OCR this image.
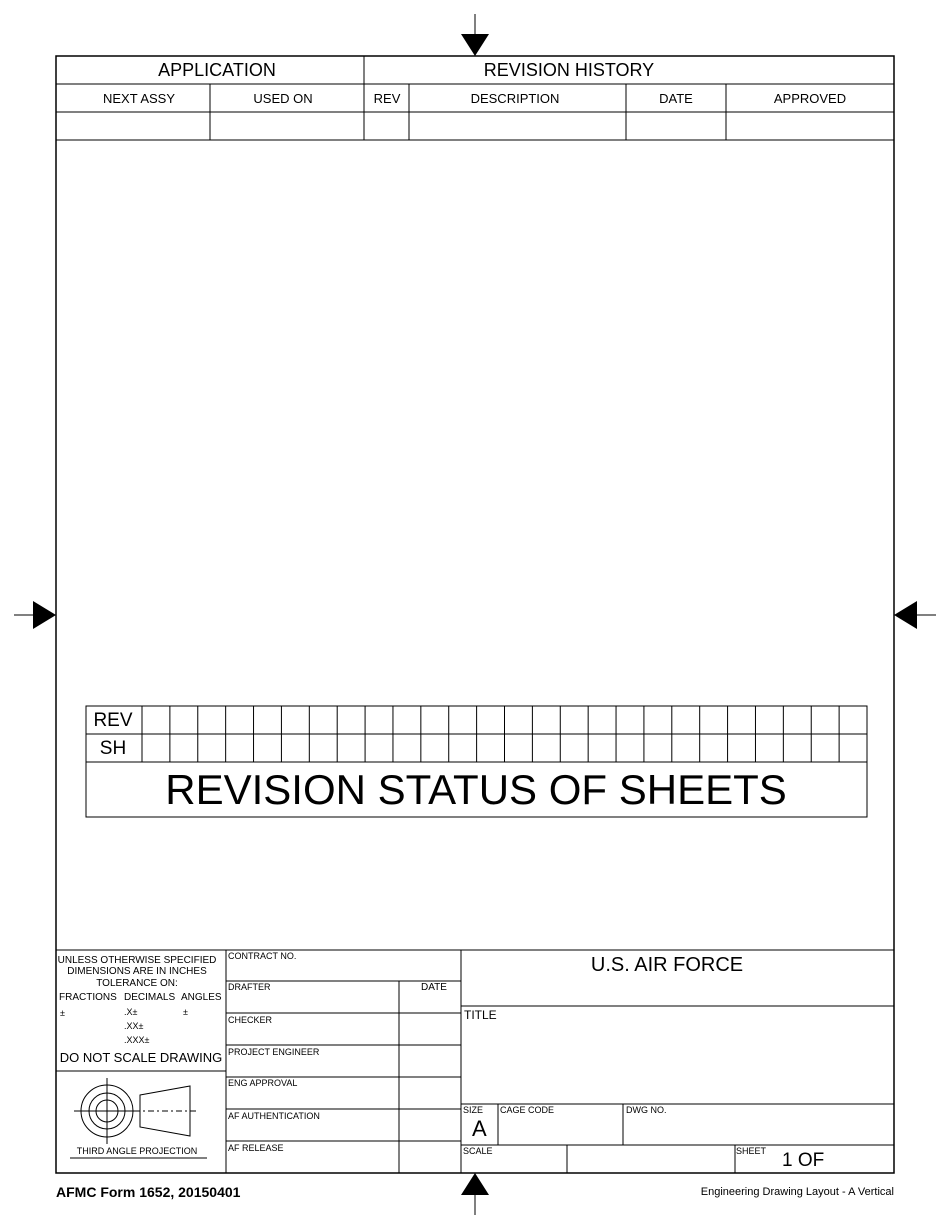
APPLICATION	REVISION HISTORY
NEXT ASSY	USED ON	REV	DESCRIPTION	DATE	APPROVED
REV
SH
REVISION STATUS OF SHEETS
UNLESS OTHERWISE SPECIFIED
DIMENSIONS ARE IN INCHES
TOLERANCE ON:
FRACTIONS DECIMALS ANGLES
±	.X±	±
.XX±
.XXX±
DO NOT SCALE DRAWING
THIRD ANGLE PROJECTION
CONTRACT NO.
DRAFTER	DATE
CHECKER
PROJECT ENGINEER
ENG APPROVAL
AF AUTHENTICATION
AF RELEASE
U.S. AIR FORCE
TITLE
SIZE
A
CAGE CODE	DWG NO.
SCALE	SHEET 1 OF
AFMC Form 1652, 20150401	Engineering Drawing Layout - A Vertical
